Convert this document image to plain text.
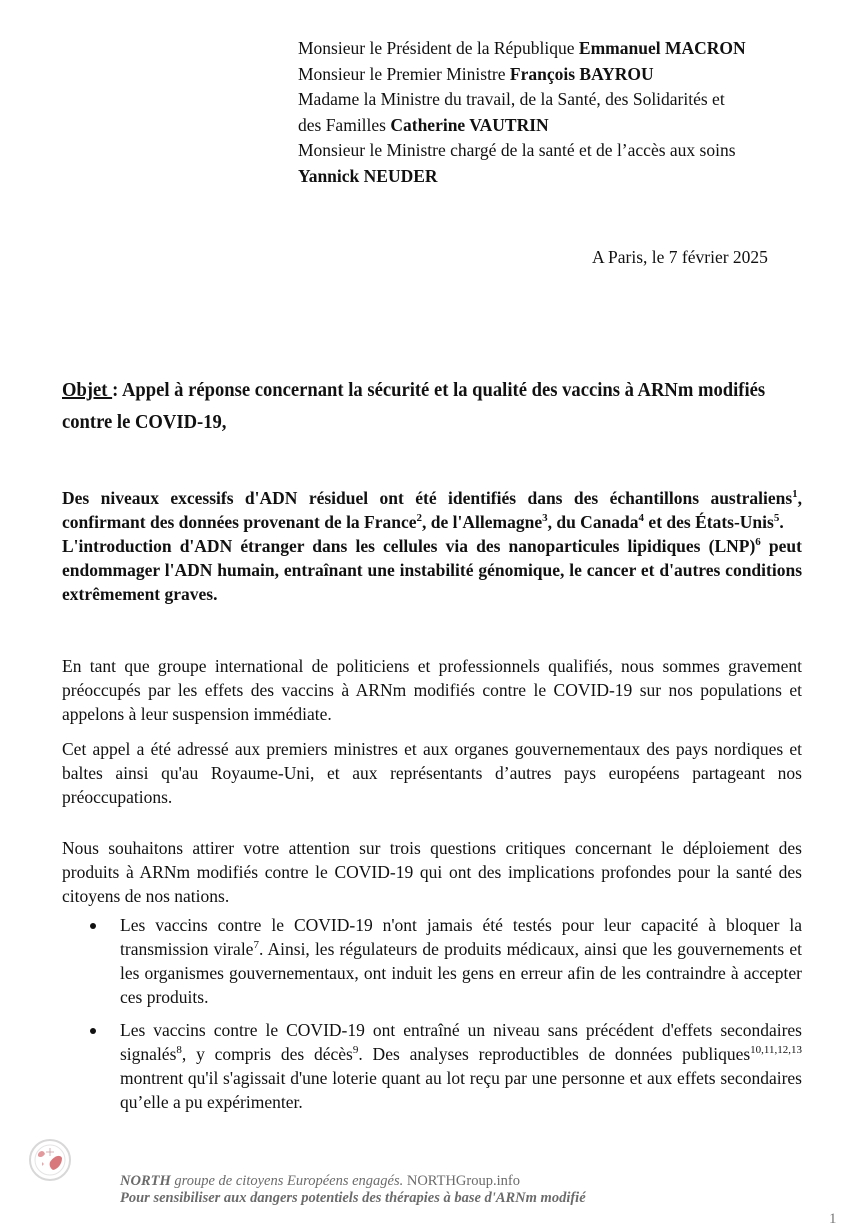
Monsieur le Président de la République Emmanuel MACRON
Monsieur le Premier Ministre François BAYROU
Madame la Ministre du travail, de la Santé, des Solidarités et
des Familles Catherine VAUTRIN
Monsieur le Ministre chargé de la santé et de l’accès aux soins
Yannick NEUDER
A Paris, le 7 février 2025
Objet : Appel à réponse concernant la sécurité et la qualité des vaccins à ARNm modifiés contre le COVID-19,

Des niveaux excessifs d'ADN résiduel ont été identifiés dans des échantillons australiens$^1$, confirmant des données provenant de la France$^2$, de l'Allemagne$^3$, du Canada$^4$ et des États-Unis$^5$.

L'introduction d'ADN étranger dans les cellules via des nanoparticules lipidiques (LNP)$^6$ peut endommager l'ADN humain, entraînant une instabilité génomique, le cancer et d'autres conditions extrêmement graves.

En tant que groupe international de politiciens et professionnels qualifiés, nous sommes gravement préoccupés par les effets des vaccins à ARNm modifiés contre le COVID-19 sur nos populations et appelons à leur suspension immédiate.

Cet appel a été adressé aux premiers ministres et aux organes gouvernementaux des pays nordiques et baltes ainsi qu'au Royaume-Uni, et aux représentants d’autres pays européens partageant nos préoccupations.

Nous souhaitons attirer votre attention sur trois questions critiques concernant le déploiement des produits à ARNm modifiés contre le COVID-19 qui ont des implications profondes pour la santé des citoyens de nos nations.

Les vaccins contre le COVID-19 n'ont jamais été testés pour leur capacité à bloquer la transmission virale$^7$. Ainsi, les régulateurs de produits médicaux, ainsi que les gouvernements et les organismes gouvernementaux, ont induit les gens en erreur afin de les contraindre à accepter ces produits.
Les vaccins contre le COVID-19 ont entraîné un niveau sans précédent d'effets secondaires signalés$^8$, y compris des décès$^9$. Des analyses reproductibles de données publiques$^{10,11,12,13}$ montrent qu'il s'agissait d'une loterie quant au lot reçu par une personne et aux effets secondaires qu’elle a pu expérimenter.
NORTH groupe de citoyens Européens engagés. NORTHGroup.info
Pour sensibiliser aux dangers potentiels des thérapies à base d'ARNm modifié
1
